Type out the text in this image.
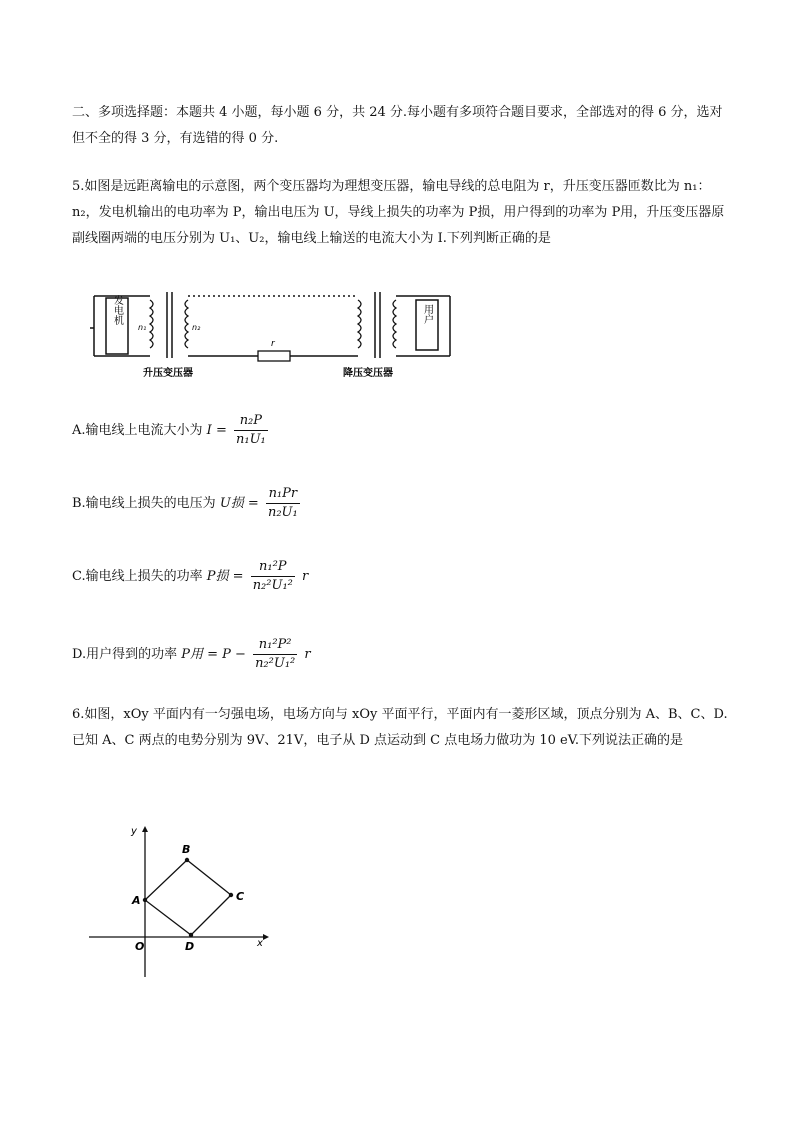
二、多项选择题：本题共 4 小题，每小题 6 分，共 24 分.每小题有多项符合题目要求，全部选对的得 6 分，选对但不全的得 3 分，有选错的得 0 分.
5.如图是远距离输电的示意图，两个变压器均为理想变压器，输电导线的总电阻为 r，升压变压器匝数比为 n₁：n₂，发电机输出的电功率为 P，输出电压为 U，导线上损失的功率为 P损，用户得到的功率为 P用，升压变压器原副线圈两端的电压分别为 U₁、U₂，输电线上输送的电流大小为 I.下列判断正确的是
发电机
n₁	n₂
r
用户
升压变压器	降压变压器
A.输电线上电流大小为 $I = \frac{\text{n₂P}}{\text{n₁U₁}}$
B.输电线上损失的电压为 U损 = $\frac{\text{n₁Pr}}{\text{n₂U₁}}$
C.输电线上损失的功率 P损 = $\frac{\text{n₁²P}}{\text{n₂²U₁²}}$ r
D.用户得到的功率 P用 = $P - \frac{\text{n₁²P²}}{\text{n₂²U₁²}}$ r
6.如图，xOy 平面内有一匀强电场，电场方向与 xOy 平面平行，平面内有一菱形区域，顶点分别为 A、B、C、D.已知 A、C 两点的电势分别为 9V、21V，电子从 D 点运动到 C 点电场力做功为 10 eV.下列说法正确的是
x
y
O
A
B
C
D
